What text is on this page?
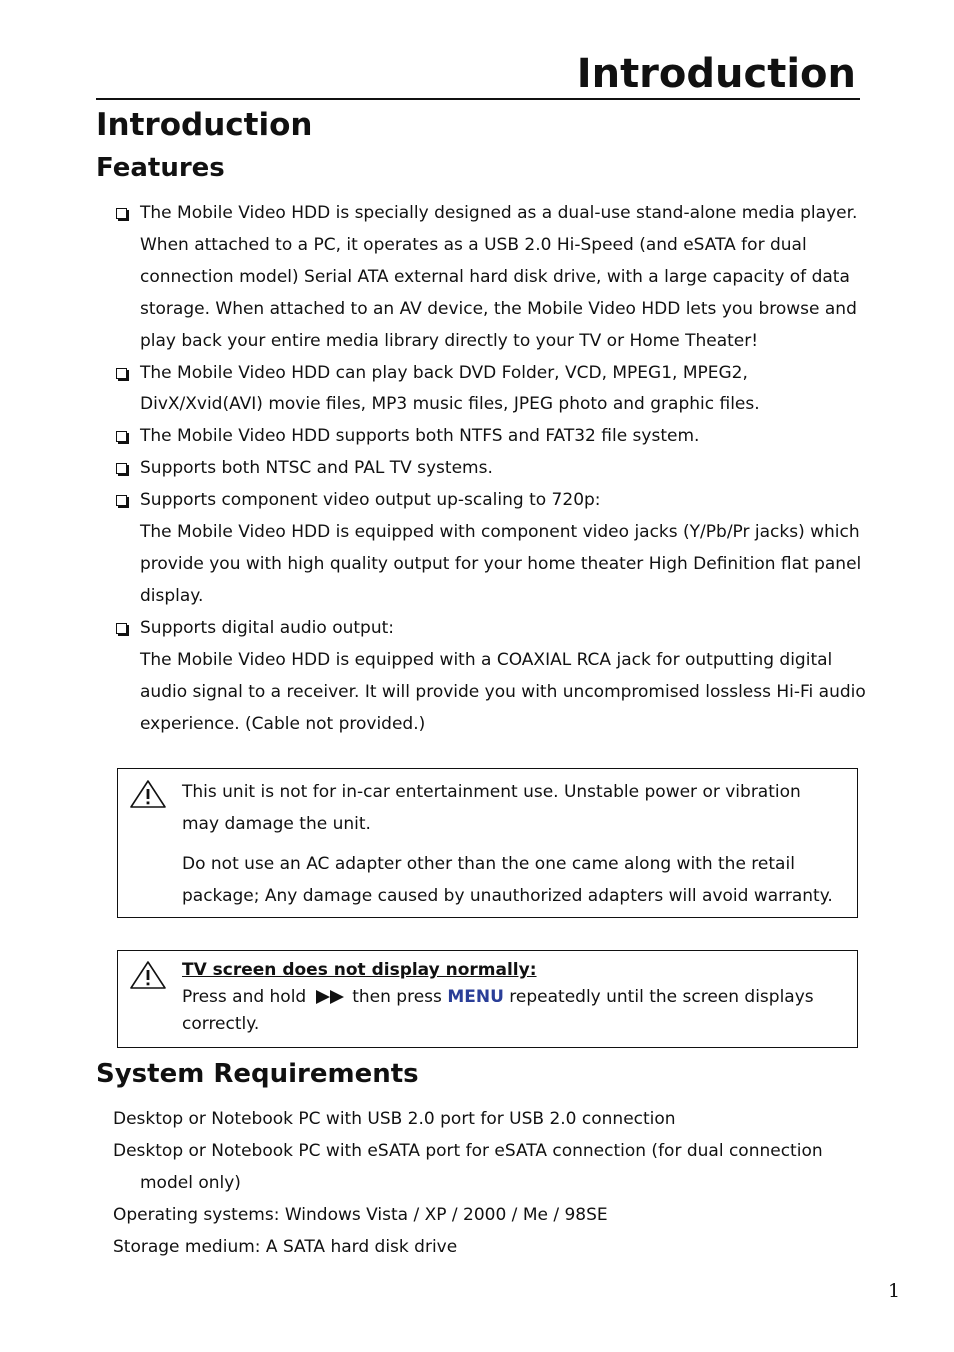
Introduction
Introduction
Features
The Mobile Video HDD is specially designed as a dual-use stand-alone media player. When attached to a PC, it operates as a USB 2.0 Hi-Speed (and eSATA for dual connection model) Serial ATA external hard disk drive, with a large capacity of data storage. When attached to an AV device, the Mobile Video HDD lets you browse and play back your entire media library directly to your TV or Home Theater!
The Mobile Video HDD can play back DVD Folder, VCD, MPEG1, MPEG2, DivX/Xvid(AVI) movie files, MP3 music files, JPEG photo and graphic files.
The Mobile Video HDD supports both NTFS and FAT32 file system.
Supports both NTSC and PAL TV systems.
Supports component video output up-scaling to 720p:
The Mobile Video HDD is equipped with component video jacks (Y/Pb/Pr jacks) which provide you with high quality output for your home theater High Definition flat panel display.
Supports digital audio output:
The Mobile Video HDD is equipped with a COAXIAL RCA jack for outputting digital audio signal to a receiver. It will provide you with uncompromised lossless Hi-Fi audio experience. (Cable not provided.)

This unit is not for in-car entertainment use. Unstable power or vibration may damage the unit.

Do not use an AC adapter other than the one came along with the retail package; Any damage caused by unauthorized adapters will avoid warranty.

TV screen does not display normally:

Press and hold	then press MENU repeatedly until the screen displays correctly.

System Requirements
Desktop or Notebook PC with USB 2.0 port for USB 2.0 connection
Desktop or Notebook PC with eSATA port for eSATA connection (for dual connection model only)
Operating systems: Windows Vista / XP / 2000 / Me / 98SE
Storage medium: A SATA hard disk drive
1
